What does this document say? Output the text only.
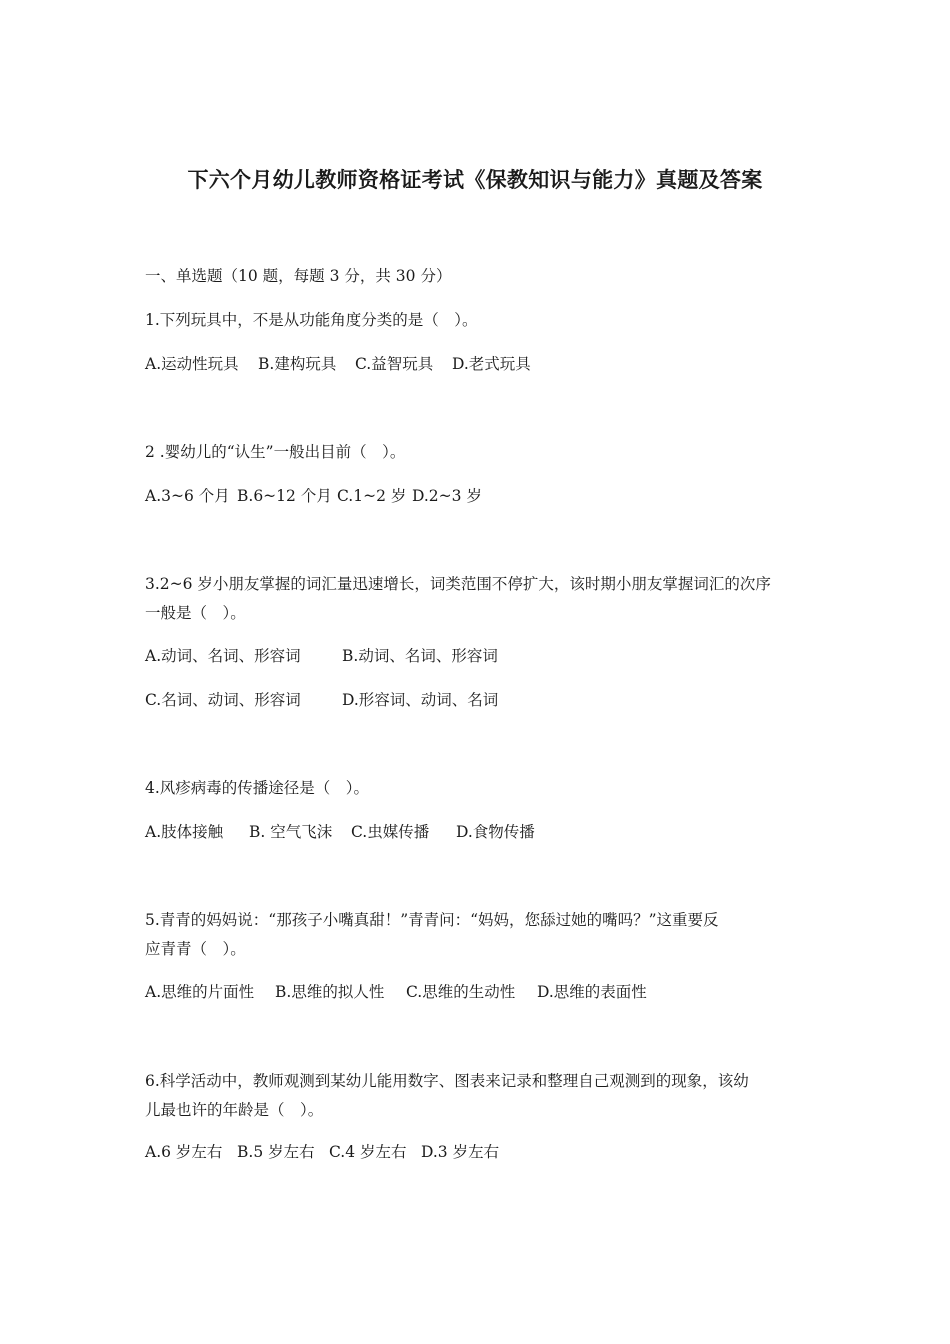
下六个月幼儿教师资格证考试《保教知识与能力》真题及答案
一、单选题（10 题，每题 3 分，共 30 分）
1.下列玩具中，不是从功能角度分类的是（　）。
A.运动性玩具 B.建构玩具 C.益智玩具 D.老式玩具
2 .婴幼儿的“认生”一般出目前（　）。
A.3~6 个月 B.6~12 个月 C.1~2 岁 D.2~3 岁
3.2~6 岁小朋友掌握的词汇量迅速增长，词类范围不停扩大，该时期小朋友掌握词汇的次序
一般是（　）。
A.动词、名词、形容词	B.动词、名词、形容词
C.名词、动词、形容词	D.形容词、动词、名词
4.风疹病毒的传播途径是（　）。
A.肢体接触 B. 空气飞沫 C.虫媒传播 D.食物传播
5.青青的妈妈说：“那孩子小嘴真甜！”青青问：“妈妈，您舔过她的嘴吗？”这重要反
应青青（　）。
A.思维的片面性 B.思维的拟人性 C.思维的生动性 D.思维的表面性
6.科学活动中，教师观测到某幼儿能用数字、图表来记录和整理自己观测到的现象，该幼
儿最也许的年龄是（　）。
A.6 岁左右 B.5 岁左右 C.4 岁左右 D.3 岁左右
